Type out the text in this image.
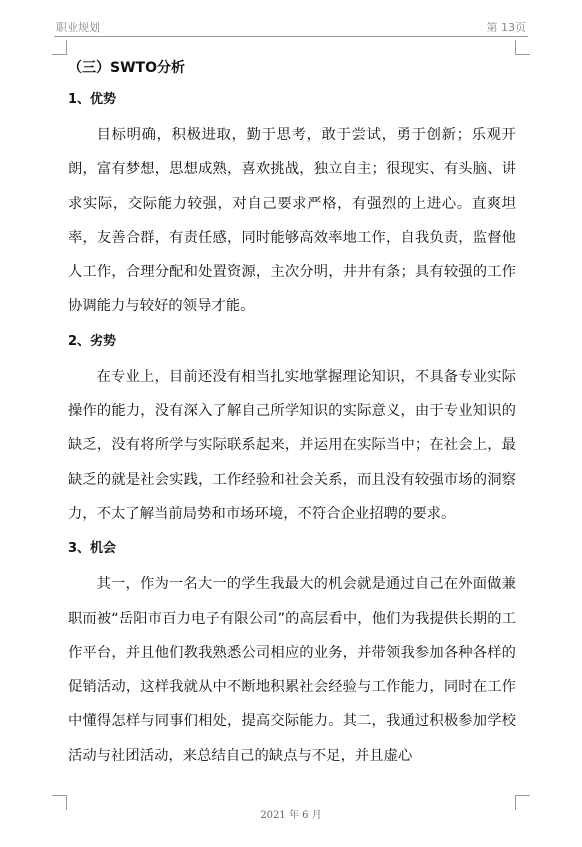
职业规划	第 13页

（三）SWTO分析

1、优势

目标明确，积极进取，勤于思考，敢于尝试，勇于创新；乐观开朗，富有梦想，思想成熟，喜欢挑战，独立自主；很现实、有头脑、讲求实际，交际能力较强，对自己要求严格，有强烈的上进心。直爽坦率，友善合群，有责任感，同时能够高效率地工作，自我负责，监督他人工作，合理分配和处置资源，主次分明，井井有条；具有较强的工作协调能力与较好的领导才能。

2、劣势

在专业上，目前还没有相当扎实地掌握理论知识，不具备专业实际操作的能力，没有深入了解自己所学知识的实际意义，由于专业知识的缺乏，没有将所学与实际联系起来，并运用在实际当中；在社会上，最缺乏的就是社会实践，工作经验和社会关系，而且没有较强市场的洞察力，不太了解当前局势和市场环境，不符合企业招聘的要求。

3、机会

其一，作为一名大一的学生我最大的机会就是通过自己在外面做兼职而被“岳阳市百力电子有限公司”的高层看中，他们为我提供长期的工作平台，并且他们教我熟悉公司相应的业务，并带领我参加各种各样的促销活动，这样我就从中不断地积累社会经验与工作能力，同时在工作中懂得怎样与同事们相处，提高交际能力。其二，我通过积极参加学校活动与社团活动，来总结自己的缺点与不足，并且虚心

2021 年 6 月
